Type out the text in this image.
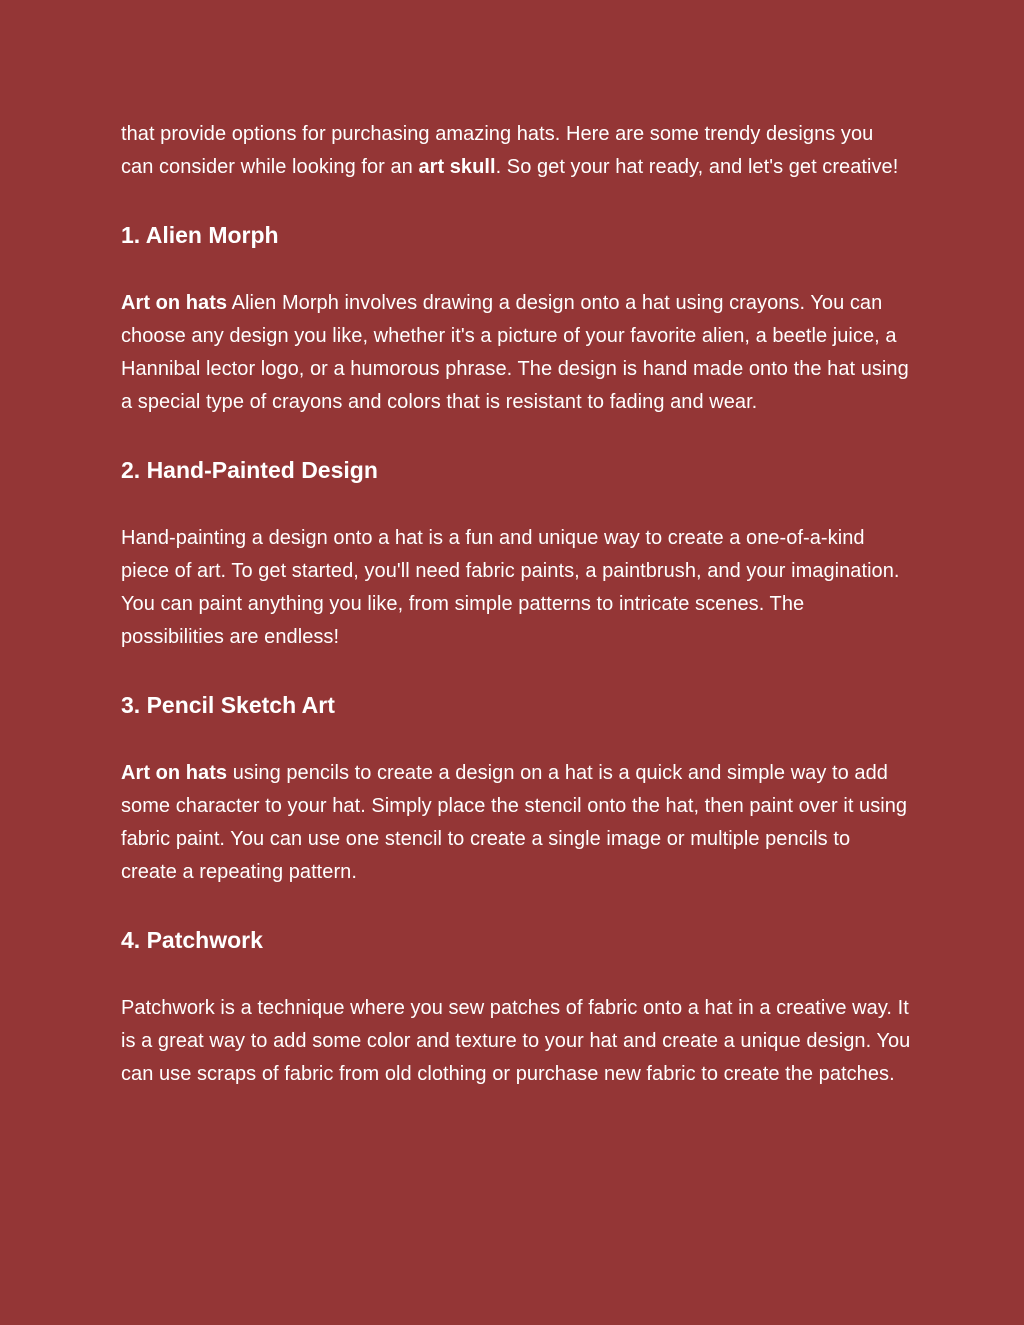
that provide options for purchasing amazing hats. Here are some trendy designs you can consider while looking for an art skull. So get your hat ready, and let's get creative!

1. Alien Morph

Art on hats Alien Morph involves drawing a design onto a hat using crayons. You can choose any design you like, whether it's a picture of your favorite alien, a beetle juice, a Hannibal lector logo, or a humorous phrase. The design is hand made onto the hat using a special type of crayons and colors that is resistant to fading and wear.

2. Hand-Painted Design

Hand-painting a design onto a hat is a fun and unique way to create a one-of-a-kind piece of art. To get started, you'll need fabric paints, a paintbrush, and your imagination. You can paint anything you like, from simple patterns to intricate scenes. The possibilities are endless!

3. Pencil Sketch Art

Art on hats using pencils to create a design on a hat is a quick and simple way to add some character to your hat. Simply place the stencil onto the hat, then paint over it using fabric paint. You can use one stencil to create a single image or multiple pencils to create a repeating pattern.

4. Patchwork

Patchwork is a technique where you sew patches of fabric onto a hat in a creative way. It is a great way to add some color and texture to your hat and create a unique design. You can use scraps of fabric from old clothing or purchase new fabric to create the patches.
